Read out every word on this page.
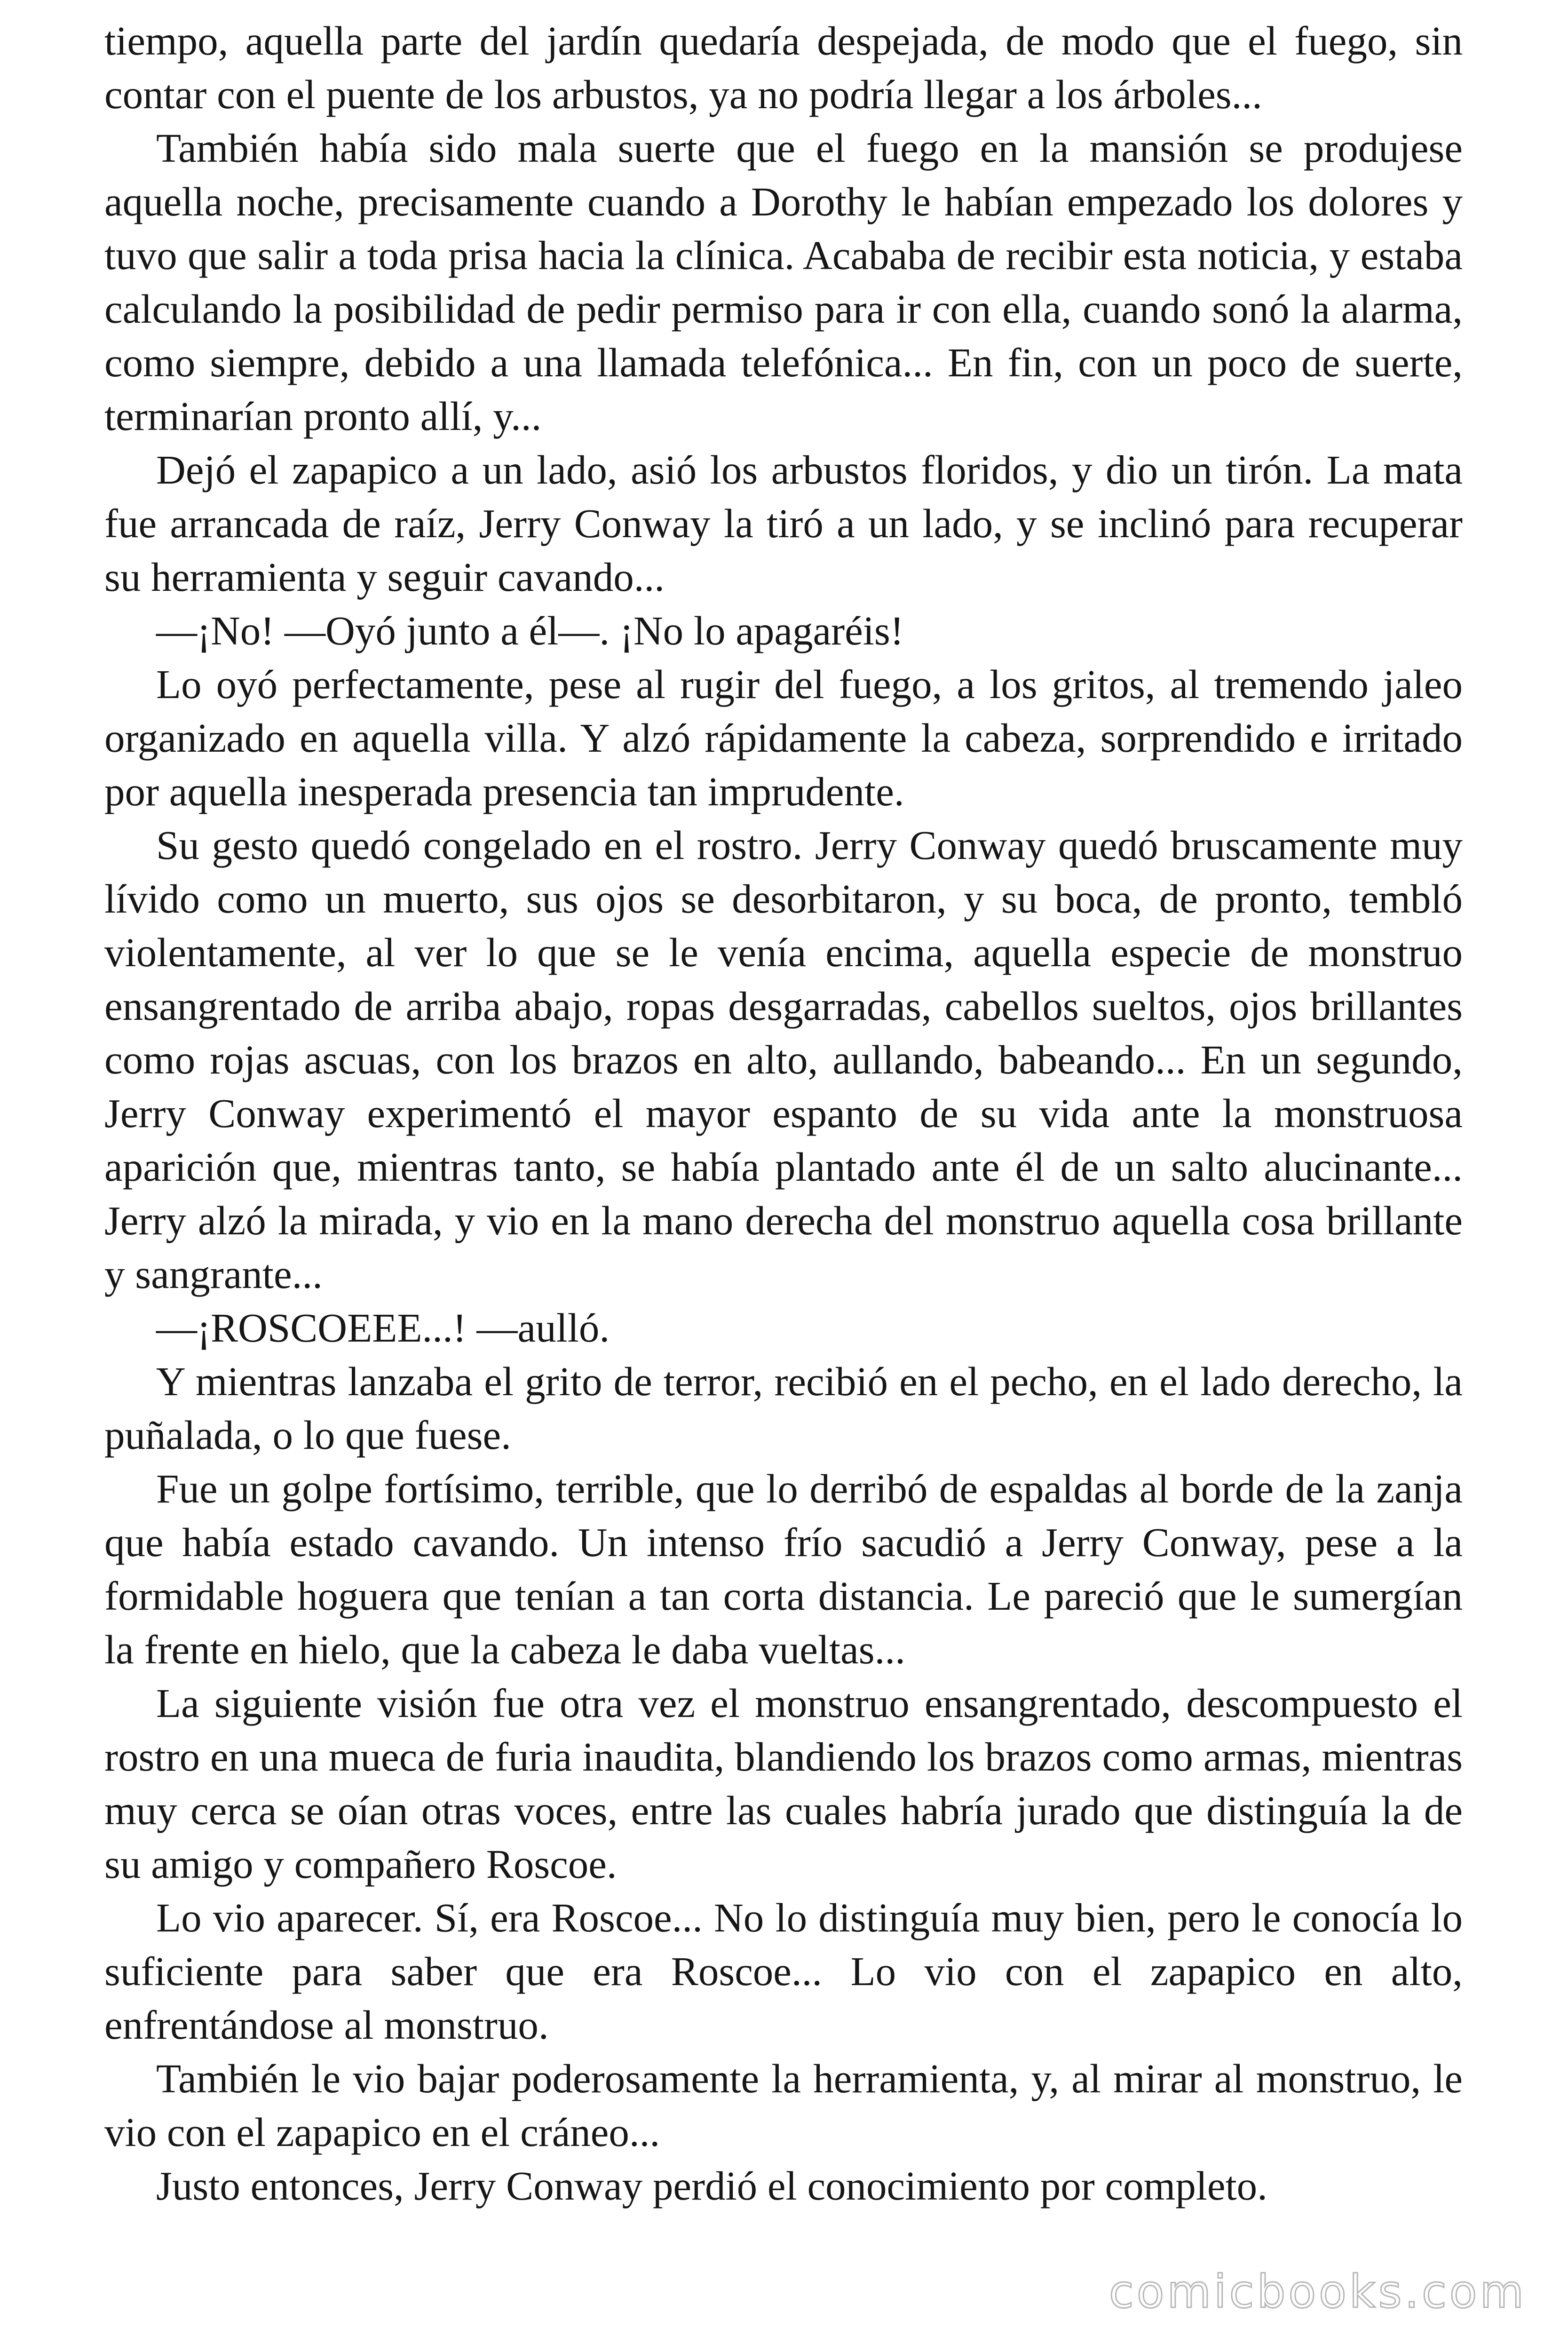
tiempo, aquella parte del jardín quedaría despejada, de modo que el fuego, sin contar con el puente de los arbustos, ya no podría llegar a los árboles...

También había sido mala suerte que el fuego en la mansión se produjese aquella noche, precisamente cuando a Dorothy le habían empezado los dolores y tuvo que salir a toda prisa hacia la clínica. Acababa de recibir esta noticia, y estaba calculando la posibilidad de pedir permiso para ir con ella, cuando sonó la alarma, como siempre, debido a una llamada telefónica... En fin, con un poco de suerte, terminarían pronto allí, y...

Dejó el zapapico a un lado, asió los arbustos floridos, y dio un tirón. La mata fue arrancada de raíz, Jerry Conway la tiró a un lado, y se inclinó para recuperar su herramienta y seguir cavando...

—¡No! —Oyó junto a él—. ¡No lo apagaréis!

Lo oyó perfectamente, pese al rugir del fuego, a los gritos, al tremendo jaleo organizado en aquella villa. Y alzó rápidamente la cabeza, sorprendido e irritado por aquella inesperada presencia tan imprudente.

Su gesto quedó congelado en el rostro. Jerry Conway quedó bruscamente muy lívido como un muerto, sus ojos se desorbitaron, y su boca, de pronto, tembló violentamente, al ver lo que se le venía encima, aquella especie de monstruo ensangrentado de arriba abajo, ropas desgarradas, cabellos sueltos, ojos brillantes como rojas ascuas, con los brazos en alto, aullando, babeando... En un segundo, Jerry Conway experimentó el mayor espanto de su vida ante la monstruosa aparición que, mientras tanto, se había plantado ante él de un salto alucinante... Jerry alzó la mirada, y vio en la mano derecha del monstruo aquella cosa brillante y sangrante...

—¡ROSCOEEE...! —aulló.

Y mientras lanzaba el grito de terror, recibió en el pecho, en el lado derecho, la puñalada, o lo que fuese.

Fue un golpe fortísimo, terrible, que lo derribó de espaldas al borde de la zanja que había estado cavando. Un intenso frío sacudió a Jerry Conway, pese a la formidable hoguera que tenían a tan corta distancia. Le pareció que le sumergían la frente en hielo, que la cabeza le daba vueltas...

La siguiente visión fue otra vez el monstruo ensangrentado, descompuesto el rostro en una mueca de furia inaudita, blandiendo los brazos como armas, mientras muy cerca se oían otras voces, entre las cuales habría jurado que distinguía la de su amigo y compañero Roscoe.

Lo vio aparecer. Sí, era Roscoe... No lo distinguía muy bien, pero le conocía lo suficiente para saber que era Roscoe... Lo vio con el zapapico en alto, enfrentándose al monstruo.

También le vio bajar poderosamente la herramienta, y, al mirar al monstruo, le vio con el zapapico en el cráneo...

Justo entonces, Jerry Conway perdió el conocimiento por completo.

comicbooks.com
